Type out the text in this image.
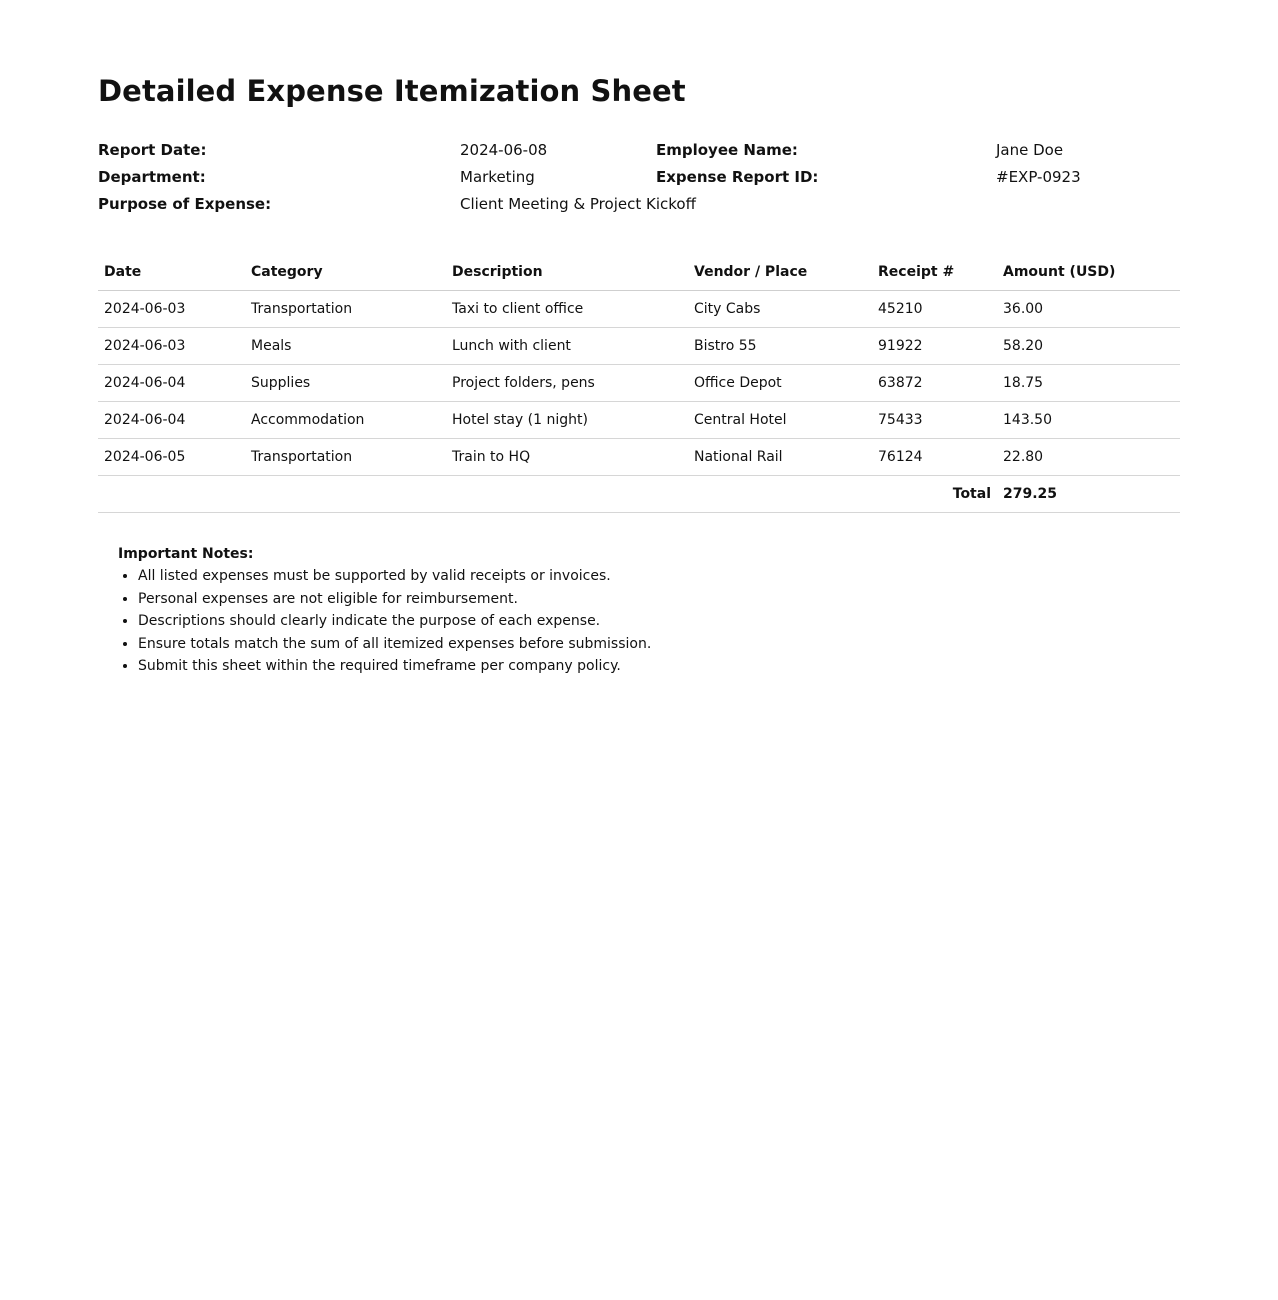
Detailed Expense Itemization Sheet
Report Date:	2024-06-08	Employee Name:	Jane Doe
Department:	Marketing	Expense Report ID:	#EXP-0923
Purpose of Expense:	Client Meeting & Project Kickoff
Date	Category	Description	Vendor / Place	Receipt #	Amount (USD)
2024-06-03	Transportation	Taxi to client office	City Cabs	45210	36.00
2024-06-03	Meals	Lunch with client	Bistro 55	91922	58.20
2024-06-04	Supplies	Project folders, pens	Office Depot	63872	18.75
2024-06-04	Accommodation	Hotel stay (1 night)	Central Hotel	75433	143.50
2024-06-05	Transportation	Train to HQ	National Rail	76124	22.80
Total					279.25
Important Notes:
• All listed expenses must be supported by valid receipts or invoices.
• Personal expenses are not eligible for reimbursement.
• Descriptions should clearly indicate the purpose of each expense.
• Ensure totals match the sum of all itemized expenses before submission.
• Submit this sheet within the required timeframe per company policy.
